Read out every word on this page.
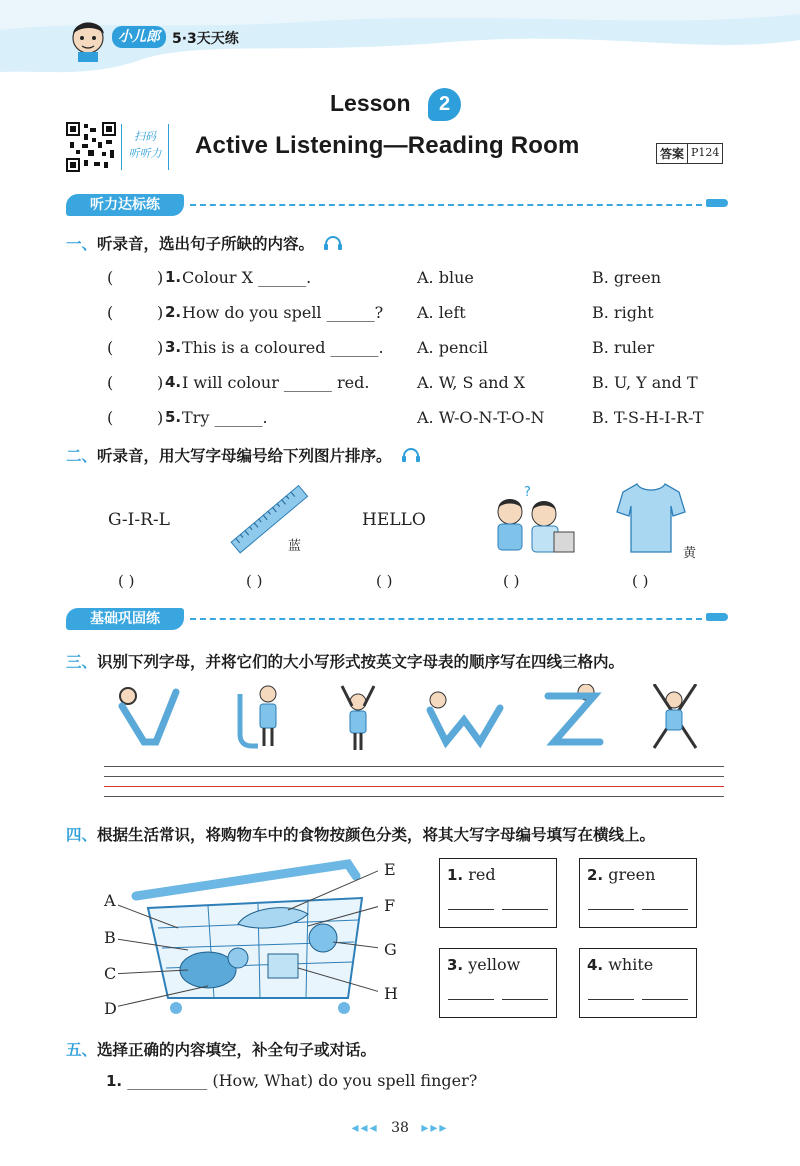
小儿郎 5·3天天练
Lesson	2
Active Listening—Reading Room
扫码
听听力	答案 P124
听力达标练
一、听录音，选出句子所缺的内容。
(	) 1. Colour X ______.	A. blue	B. green
(	) 2. How do you spell ______? A. left	B. right
(	) 3. This is a coloured ______. A. pencil	B. ruler
(	) 4. I will colour ______ red.	A. W, S and X	B. U, Y and T
(	) 5. Try ______.	A. W-O-N-T-O-N	B. T-S-H-I-R-T
二、听录音，用大写字母编号给下列图片排序。
G-I-R-L
蓝
HELLO
?
黄
( )	( )	( )	( )	( )
基础巩固练
三、识别下列字母，并将它们的大小写形式按英文字母表的顺序写在四线三格内。
四、根据生活常识，将购物车中的食物按颜色分类，将其大写字母编号填写在横线上。
A
B
C
D
E
F
G
H
1. red	2. green
3. yellow	4. white
五、选择正确的内容填空，补全句子或对话。
1. __________ (How, What) do you spell finger?
◂◂◂ 38 ▸▸▸
